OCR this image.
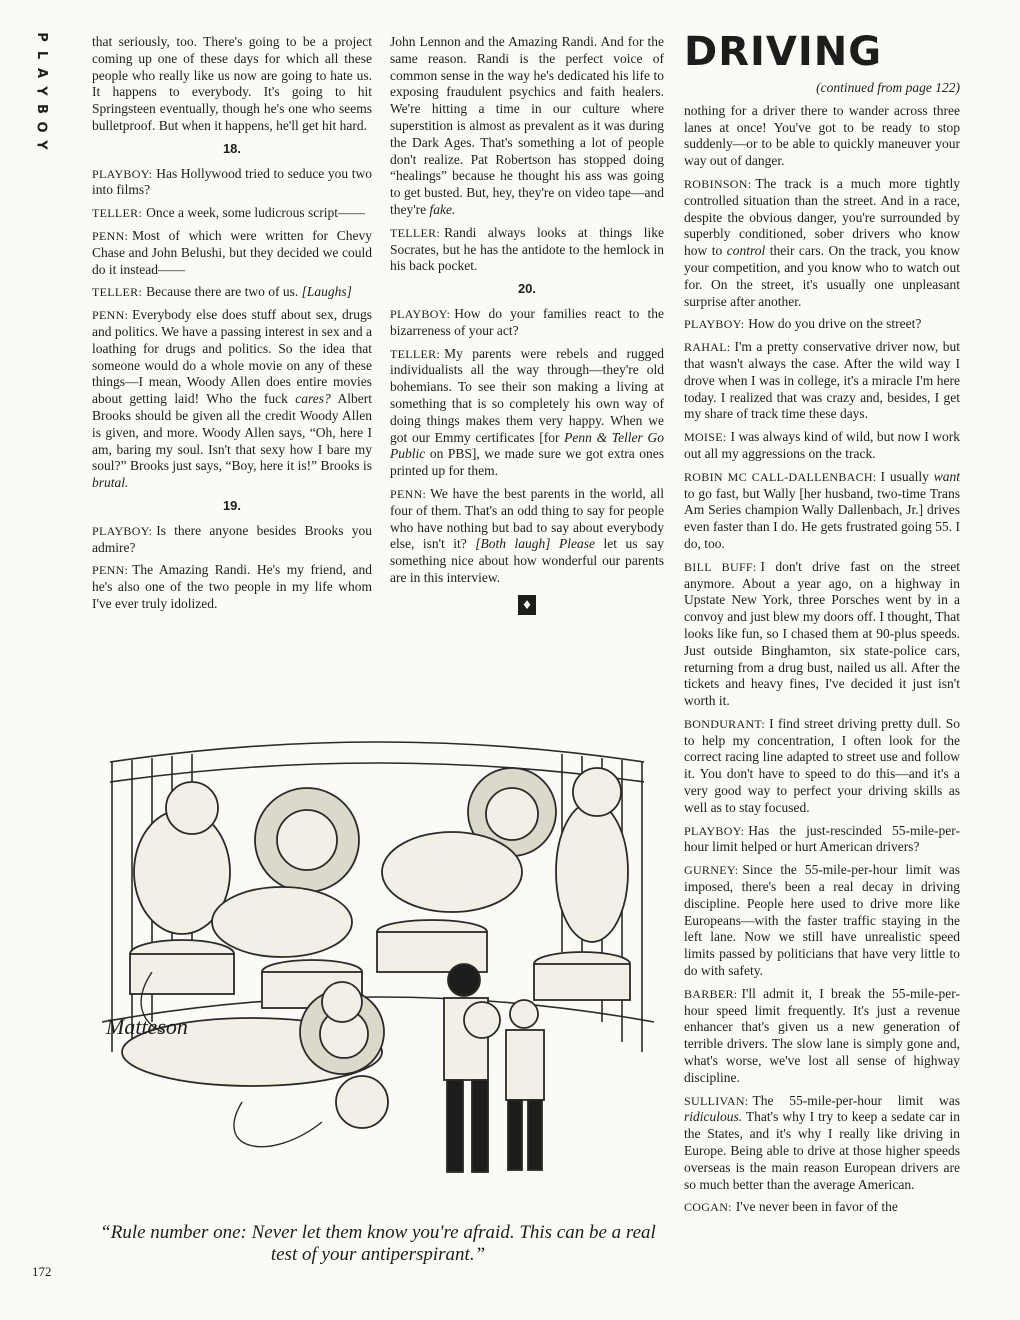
P
L
A
Y
B
O
Y

that seriously, too. There's going to be a project coming up one of these days for which all these people who really like us now are going to hate us. It happens to everybody. It's going to hit Springsteen eventually, though he's one who seems bulletproof. But when it happens, he'll get hit hard.

18.

PLAYBOY: Has Hollywood tried to seduce you two into films?

TELLER: Once a week, some ludicrous script——

PENN: Most of which were written for Chevy Chase and John Belushi, but they decided we could do it instead——

TELLER: Because there are two of us. [Laughs]

PENN: Everybody else does stuff about sex, drugs and politics. We have a passing interest in sex and a loathing for drugs and politics. So the idea that someone would do a whole movie on any of these things—I mean, Woody Allen does entire movies about getting laid! Who the fuck cares? Albert Brooks should be given all the credit Woody Allen is given, and more. Woody Allen says, “Oh, here I am, baring my soul. Isn't that sexy how I bare my soul?” Brooks just says, “Boy, here it is!” Brooks is brutal.

19.

PLAYBOY: Is there anyone besides Brooks you admire?

PENN: The Amazing Randi. He's my friend, and he's also one of the two people in my life whom I've ever truly idolized.

John Lennon and the Amazing Randi. And for the same reason. Randi is the perfect voice of common sense in the way he's dedicated his life to exposing fraudulent psychics and faith healers. We're hitting a time in our culture where superstition is almost as prevalent as it was during the Dark Ages. That's something a lot of people don't realize. Pat Robertson has stopped doing “healings” because he thought his ass was going to get busted. But, hey, they're on video tape—and they're fake.

TELLER: Randi always looks at things like Socrates, but he has the antidote to the hemlock in his back pocket.

20.

PLAYBOY: How do your families react to the bizarreness of your act?

TELLER: My parents were rebels and rugged individualists all the way through—they're old bohemians. To see their son making a living at something that is so completely his own way of doing things makes them very happy. When we got our Emmy certificates [for Penn & Teller Go Public on PBS], we made sure we got extra ones printed up for them.

PENN: We have the best parents in the world, all four of them. That's an odd thing to say for people who have nothing but bad to say about everybody else, isn't it? [Both laugh] Please let us say something nice about how wonderful our parents are in this interview.

♦
DRIVING

(continued from page 122)

nothing for a driver there to wander across three lanes at once! You've got to be ready to stop suddenly—or to be able to quickly maneuver your way out of danger.

ROBINSON: The track is a much more tightly controlled situation than the street. And in a race, despite the obvious danger, you're surrounded by superbly conditioned, sober drivers who know how to control their cars. On the track, you know your competition, and you know who to watch out for. On the street, it's usually one unpleasant surprise after another.

PLAYBOY: How do you drive on the street?

RAHAL: I'm a pretty conservative driver now, but that wasn't always the case. After the wild way I drove when I was in college, it's a miracle I'm here today. I realized that was crazy and, besides, I get my share of track time these days.

MOISE: I was always kind of wild, but now I work out all my aggressions on the track.

ROBIN MC CALL-DALLENBACH: I usually want to go fast, but Wally [her husband, two-time Trans Am Series champion Wally Dallenbach, Jr.] drives even faster than I do. He gets frustrated going 55. I do, too.

BILL BUFF: I don't drive fast on the street anymore. About a year ago, on a highway in Upstate New York, three Porsches went by in a convoy and just blew my doors off. I thought, That looks like fun, so I chased them at 90-plus speeds. Just outside Binghamton, six state-police cars, returning from a drug bust, nailed us all. After the tickets and heavy fines, I've decided it just isn't worth it.

BONDURANT: I find street driving pretty dull. So to help my concentration, I often look for the correct racing line adapted to street use and follow it. You don't have to speed to do this—and it's a very good way to perfect your driving skills as well as to stay focused.

PLAYBOY: Has the just-rescinded 55-mile-per-hour limit helped or hurt American drivers?

GURNEY: Since the 55-mile-per-hour limit was imposed, there's been a real decay in driving discipline. People here used to drive more like Europeans—with the faster traffic staying in the left lane. Now we still have unrealistic speed limits passed by politicians that have very little to do with safety.

BARBER: I'll admit it, I break the 55-mile-per-hour speed limit frequently. It's just a revenue enhancer that's given us a new generation of terrible drivers. The slow lane is simply gone and, what's worse, we've lost all sense of highway discipline.

SULLIVAN: The 55-mile-per-hour limit was ridiculous. That's why I try to keep a sedate car in the States, and it's why I really like driving in Europe. Being able to drive at those higher speeds overseas is the main reason European drivers are so much better than the average American.

COGAN: I've never been in favor of the

Matteson
“Rule number one: Never let them know you're afraid. This can be a real test of your antiperspirant.”
172
